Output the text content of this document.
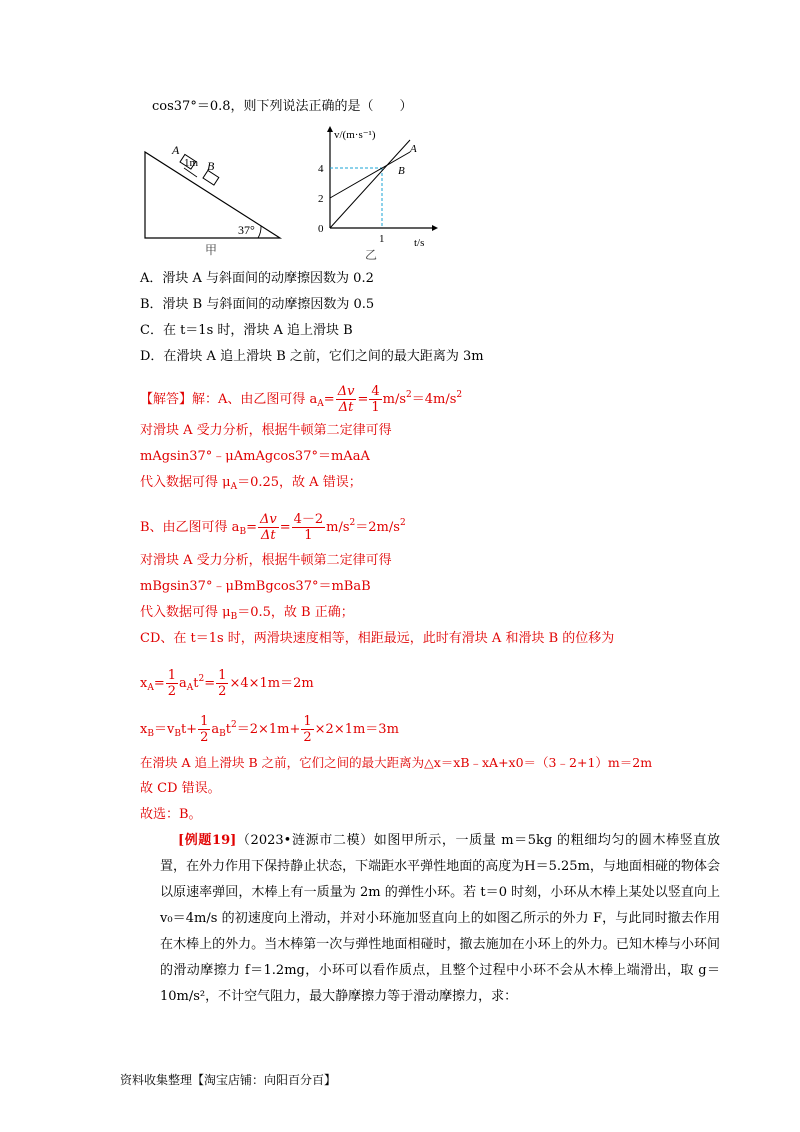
cos37°＝0.8，则下列说法正确的是（　　）
A
1m B
37°
甲
v/(m·s⁻¹)
t/s
4
2
0
1
A
B
乙
A．滑块 A 与斜面间的动摩擦因数为 0.2
B．滑块 B 与斜面间的动摩擦因数为 0.5
C．在 t＝1s 时，滑块 A 追上滑块 B
D．在滑块 A 追上滑块 B 之前，它们之间的最大距离为 3m
【解答】解：A、由乙图可得 $a_A= \frac{\Delta v}{\Delta t} = \frac{4}{1} m/s^2=4m/s^2$
对滑块 A 受力分析，根据牛顿第二定律可得
mAgsin37°﹣μAmAgcos37°＝mAaA
代入数据可得 $\mu_A=0.25$，故 A 错误；
B、由乙图可得 $a_B= \frac{\Delta v}{\Delta t} = \frac{4-2}{1} m/s^2=2m/s^2$
对滑块 A 受力分析，根据牛顿第二定律可得
mBgsin37°﹣μBmBgcos37°＝mBaB
代入数据可得 $\mu_B=0.5$，故 B 正确；
CD、在 t＝1s 时，两滑块速度相等，相距最远，此时有滑块 A 和滑块 B 的位移为
$x_A= \frac{1}{2} a_At^2= \frac{1}{2} \times 4\times 1m=2m$
$x_B=v_Bt+ \frac{1}{2} a_Bt^2=2\times 1m+ \frac{1}{2} \times 2\times 1m=3m$
在滑块 A 追上滑块 B 之前，它们之间的最大距离为△x＝xB﹣xA+x0＝（3﹣2+1）m＝2m
故 CD 错误。
故选：B。
[例题19]（2023•涟源市二模）如图甲所示，一质量 m＝5kg 的粗细均匀的圆木棒竖直放置，在外力作用下保持静止状态，下端距水平弹性地面的高度为H＝5.25m，与地面相碰的物体会以原速率弹回，木棒上有一质量为 2m 的弹性小环。若 t＝0 时刻，小环从木棒上某处以竖直向上 v₀＝4m/s 的初速度向上滑动，并对小环施加竖直向上的如图乙所示的外力 F，与此同时撤去作用在木棒上的外力。当木棒第一次与弹性地面相碰时，撤去施加在小环上的外力。已知木棒与小环间的滑动摩擦力 f＝1.2mg，小环可以看作质点，且整个过程中小环不会从木棒上端滑出，取 g＝10m/s²，不计空气阻力，最大静摩擦力等于滑动摩擦力，求：
资料收集整理【淘宝店铺：向阳百分百】
